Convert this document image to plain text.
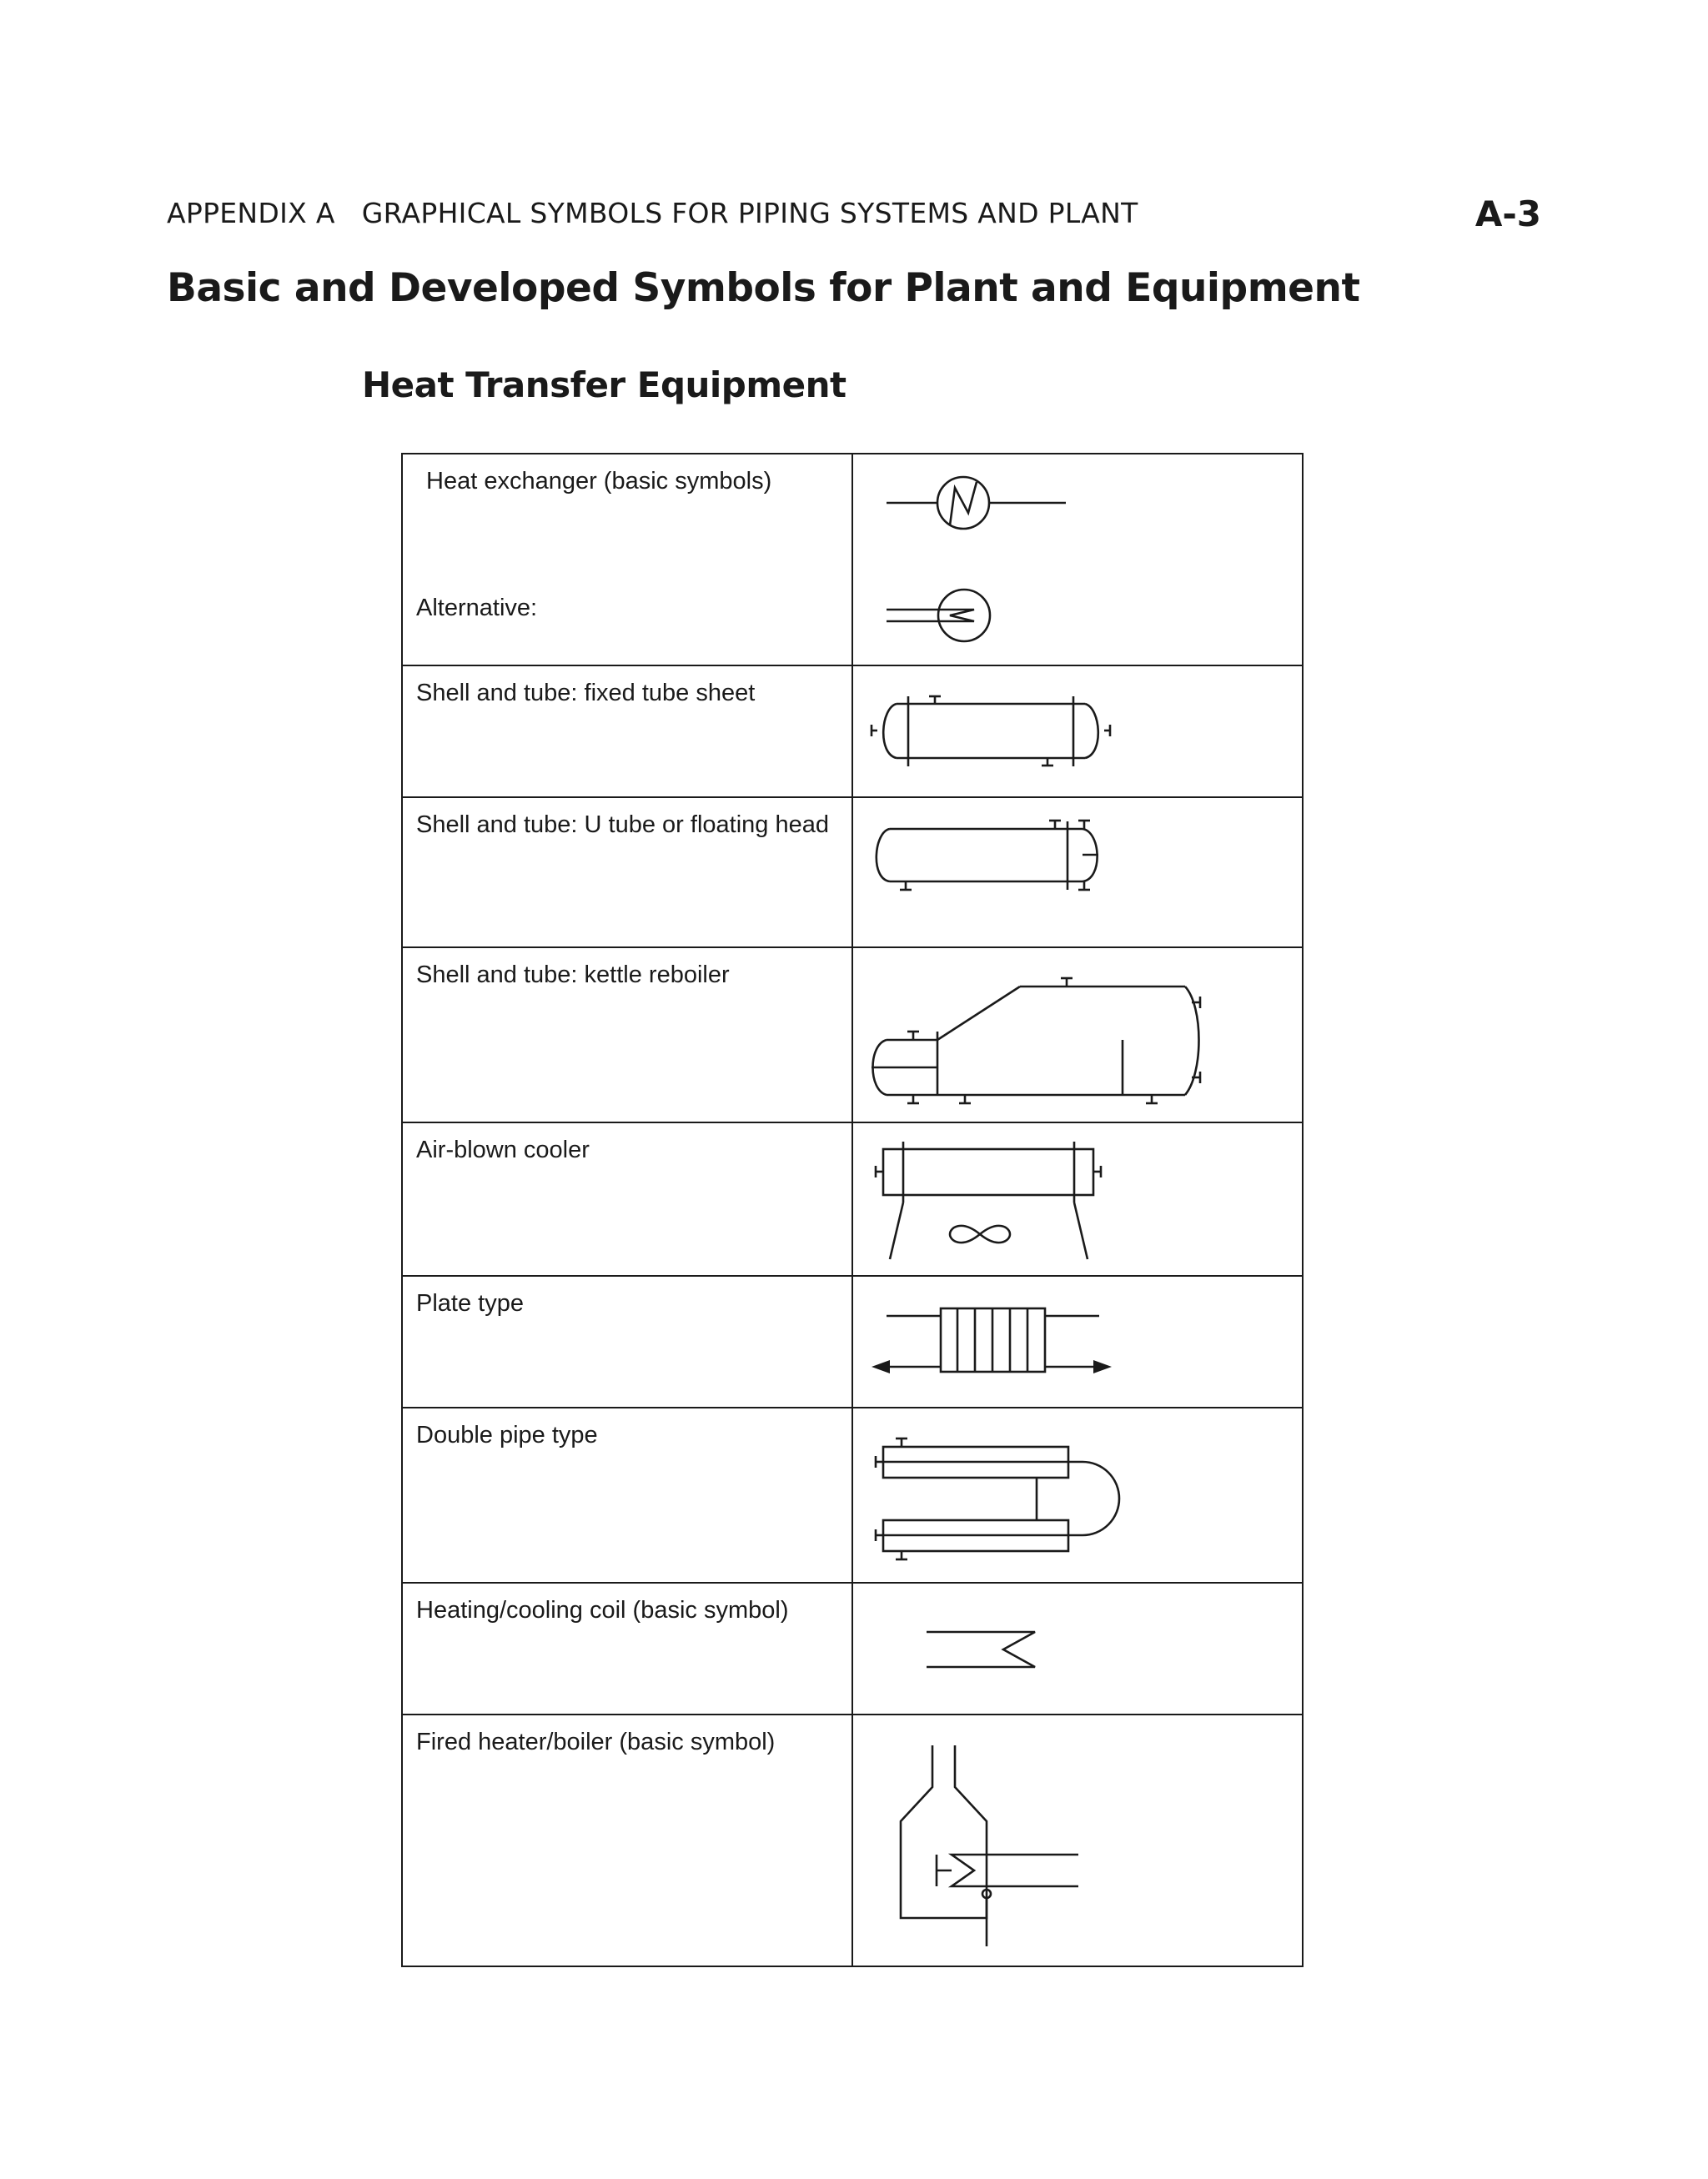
APPENDIX A GRAPHICAL SYMBOLS FOR PIPING SYSTEMS AND PLANT	A-3
Basic and Developed Symbols for Plant and Equipment
Heat Transfer Equipment
Heat exchanger (basic symbols)
Alternative:

Shell and tube: fixed tube sheet

Shell and tube: U tube or floating head

Shell and tube: kettle reboiler

Air-blown cooler

Plate type

Double pipe type

Heating/cooling coil (basic symbol)

Fired heater/boiler (basic symbol)
